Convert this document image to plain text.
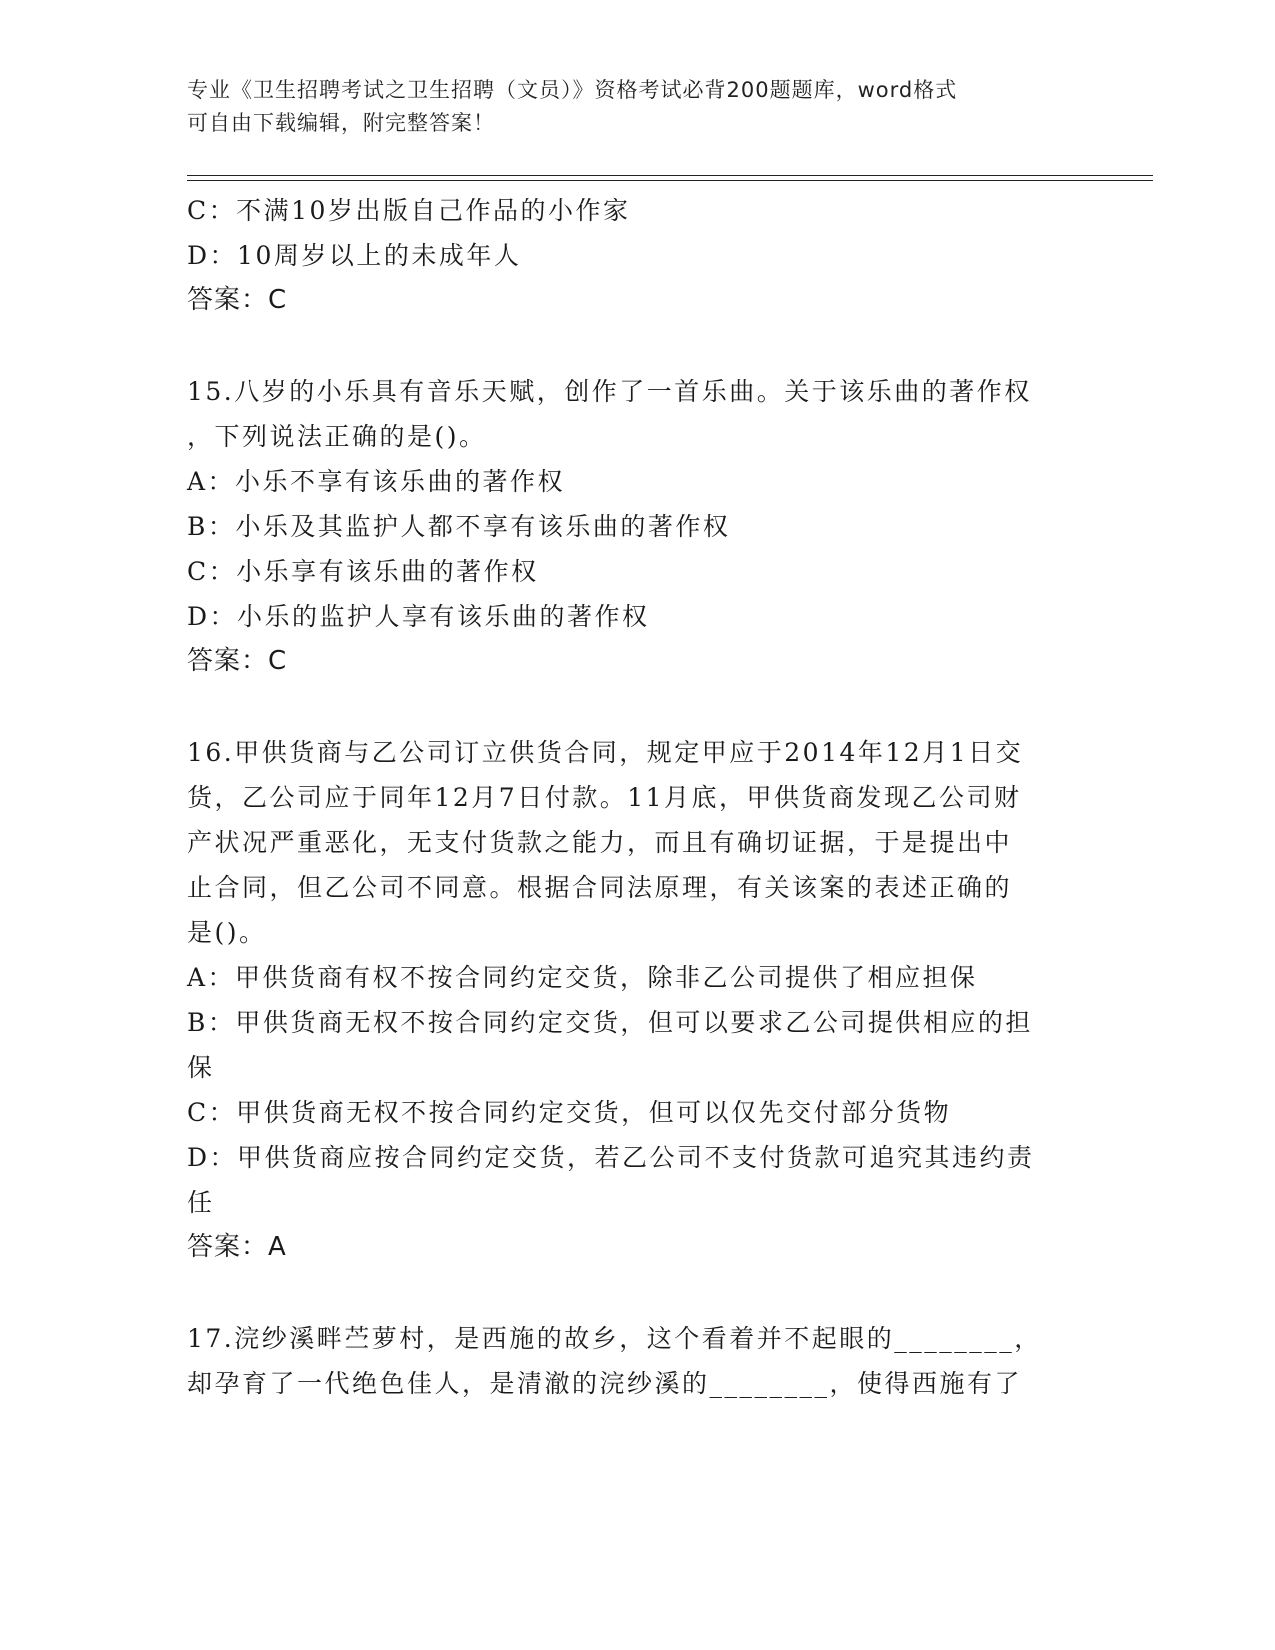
专业《卫生招聘考试之卫生招聘（文员）》资格考试必背200题题库，word格式
可自由下载编辑，附完整答案！
C：不满10岁出版自己作品的小作家
D：10周岁以上的未成年人
答案：C
15.八岁的小乐具有音乐天赋，创作了一首乐曲。关于该乐曲的著作权
，下列说法正确的是()。
A：小乐不享有该乐曲的著作权
B：小乐及其监护人都不享有该乐曲的著作权
C：小乐享有该乐曲的著作权
D：小乐的监护人享有该乐曲的著作权
答案：C
16.甲供货商与乙公司订立供货合同，规定甲应于2014年12月1日交
货，乙公司应于同年12月7日付款。11月底，甲供货商发现乙公司财
产状况严重恶化，无支付货款之能力，而且有确切证据，于是提出中
止合同，但乙公司不同意。根据合同法原理，有关该案的表述正确的
是()。
A：甲供货商有权不按合同约定交货，除非乙公司提供了相应担保
B：甲供货商无权不按合同约定交货，但可以要求乙公司提供相应的担
保
C：甲供货商无权不按合同约定交货，但可以仅先交付部分货物
D：甲供货商应按合同约定交货，若乙公司不支付货款可追究其违约责
任
答案：A
17.浣纱溪畔苎萝村，是西施的故乡，这个看着并不起眼的________，
却孕育了一代绝色佳人，是清澈的浣纱溪的________，使得西施有了
